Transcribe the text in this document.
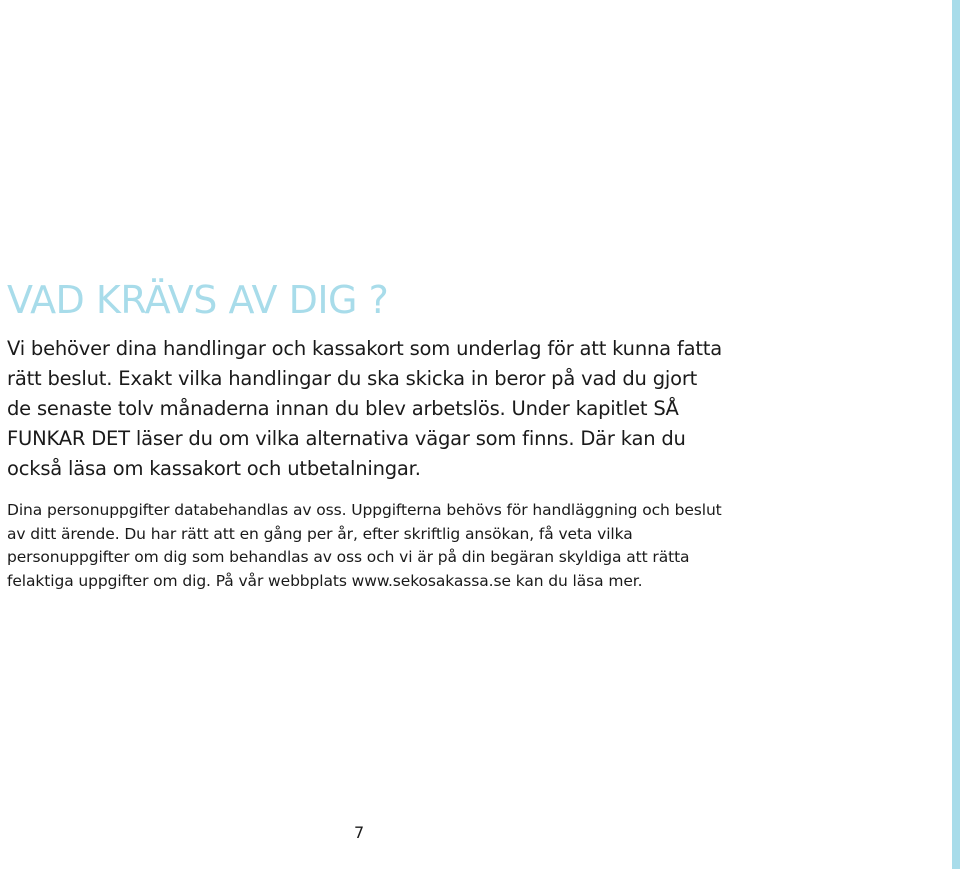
VAD KRÄVS AV DIG ?

Vi behöver dina handlingar och kassakort som underlag för att kunna fatta rätt beslut. Exakt vilka handlingar du ska skicka in beror på vad du gjort de senaste tolv månaderna innan du blev arbetslös. Under kapitlet SÅ FUNKAR DET läser du om vilka alternativa vägar som finns. Där kan du också läsa om kassakort och utbetalningar.

Dina personuppgifter databehandlas av oss. Uppgifterna behövs för handläggning och beslut av ditt ärende. Du har rätt att en gång per år, efter skriftlig ansökan, få veta vilka personuppgifter om dig som behandlas av oss och vi är på din begäran skyldiga att rätta felaktiga uppgifter om dig. På vår webbplats www.sekosakassa.se kan du läsa mer.

7
